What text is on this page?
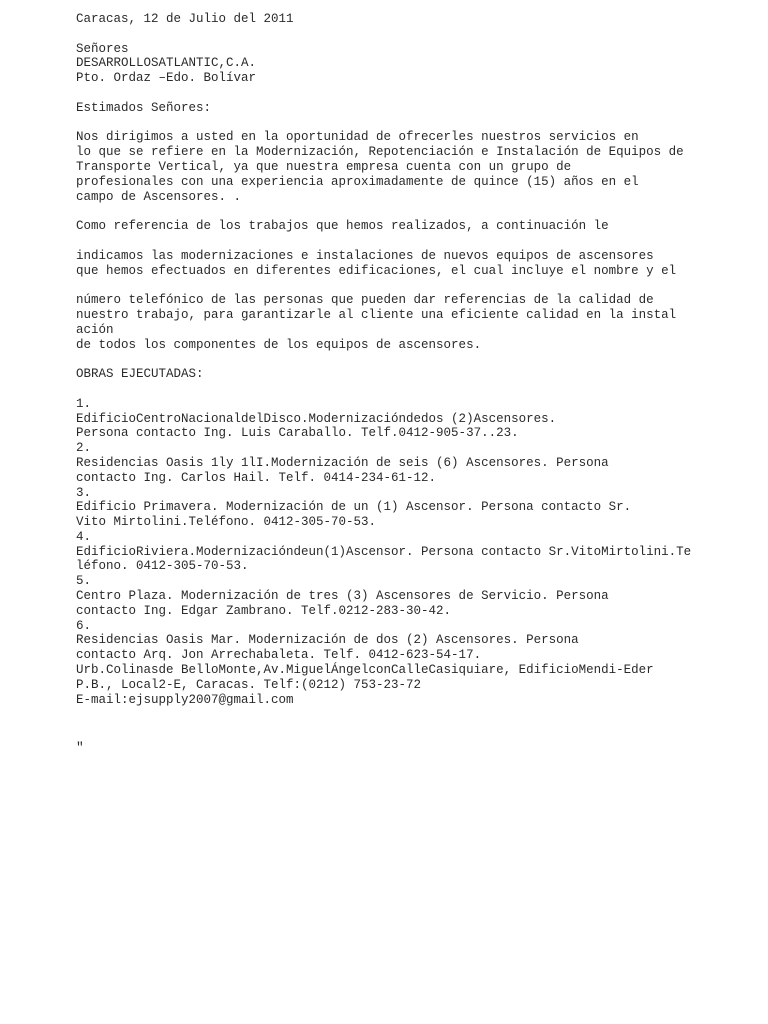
Caracas, 12 de Julio del 2011
Señores
DESARROLLOSATLANTIC,C.A.
Pto. Ordaz –Edo. Bolívar
Estimados Señores:
Nos dirigimos a usted en la oportunidad de ofrecerles nuestros servicios en
lo que se refiere en la Modernización, Repotenciación e Instalación de Equipos de
Transporte Vertical, ya que nuestra empresa cuenta con un grupo de
profesionales con una experiencia aproximadamente de quince (15) años en el
campo de Ascensores. .
Como referencia de los trabajos que hemos realizados, a continuación le
indicamos las modernizaciones e instalaciones de nuevos equipos de ascensores
que hemos efectuados en diferentes edificaciones, el cual incluye el nombre y el
número telefónico de las personas que pueden dar referencias de la calidad de
nuestro trabajo, para garantizarle al cliente una eficiente calidad en la instal
ación
de todos los componentes de los equipos de ascensores.
OBRAS EJECUTADAS:
1.
EdificioCentroNacionaldelDisco.Modernizacióndedos (2)Ascensores.
Persona contacto Ing. Luis Caraballo. Telf.0412-905-37..23.
2.
Residencias Oasis 1ly 1lI.Modernización de seis (6) Ascensores. Persona
contacto Ing. Carlos Hail. Telf. 0414-234-61-12.
3.
Edificio Primavera. Modernización de un (1) Ascensor. Persona contacto Sr.
Vito Mirtolini.Teléfono. 0412-305-70-53.
4.
EdificioRiviera.Modernizacióndeun(1)Ascensor. Persona contacto Sr.VitoMirtolini.Te
léfono. 0412-305-70-53.
5.
Centro Plaza. Modernización de tres (3) Ascensores de Servicio. Persona
contacto Ing. Edgar Zambrano. Telf.0212-283-30-42.
6.
Residencias Oasis Mar. Modernización de dos (2) Ascensores. Persona
contacto Arq. Jon Arrechabaleta. Telf. 0412-623-54-17.
Urb.Colinasde BelloMonte,Av.MiguelÁngelconCalleCasiquiare, EdificioMendi-Eder
P.B., Local2-E, Caracas. Telf:(0212) 753-23-72
E-mail:ejsupply2007@gmail.com
"
